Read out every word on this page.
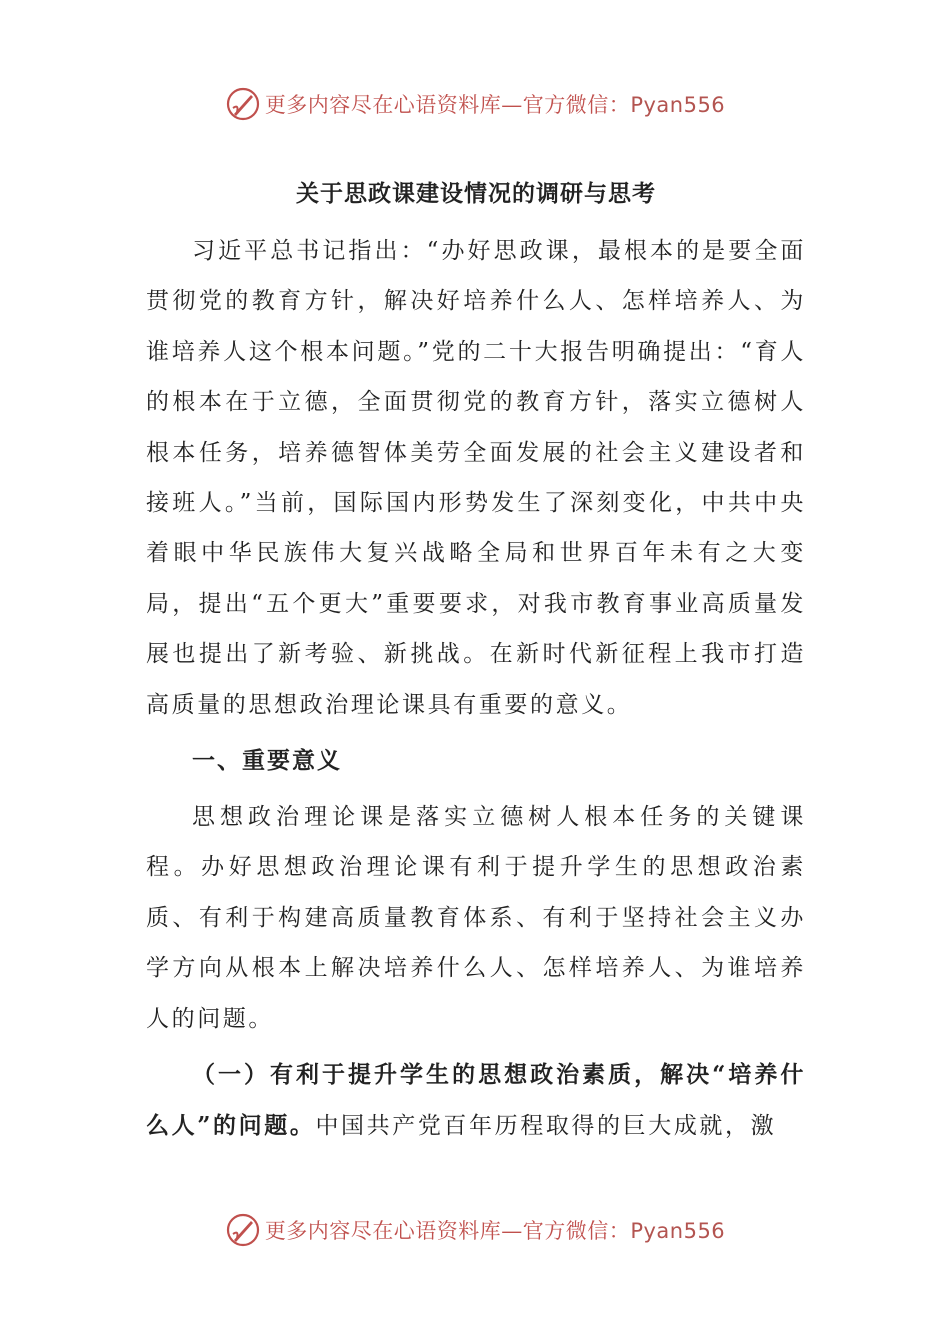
更多内容尽在心语资料库—官方微信：Pyan556
关于思政课建设情况的调研与思考

习近平总书记指出：“办好思政课，最根本的是要全面贯彻党的教育方针，解决好培养什么人、怎样培养人、为谁培养人这个根本问题。”党的二十大报告明确提出：“育人的根本在于立德，全面贯彻党的教育方针，落实立德树人根本任务，培养德智体美劳全面发展的社会主义建设者和接班人。”当前，国际国内形势发生了深刻变化，中共中央着眼中华民族伟大复兴战略全局和世界百年未有之大变局，提出“五个更大”重要要求，对我市教育事业高质量发展也提出了新考验、新挑战。在新时代新征程上我市打造高质量的思想政治理论课具有重要的意义。

一、重要意义

思想政治理论课是落实立德树人根本任务的关键课程。办好思想政治理论课有利于提升学生的思想政治素质、有利于构建高质量教育体系、有利于坚持社会主义办学方向从根本上解决培养什么人、怎样培养人、为谁培养人的问题。

（一）有利于提升学生的思想政治素质，解决“培养什么人”的问题。中国共产党百年历程取得的巨大成就，激

更多内容尽在心语资料库—官方微信：Pyan556
